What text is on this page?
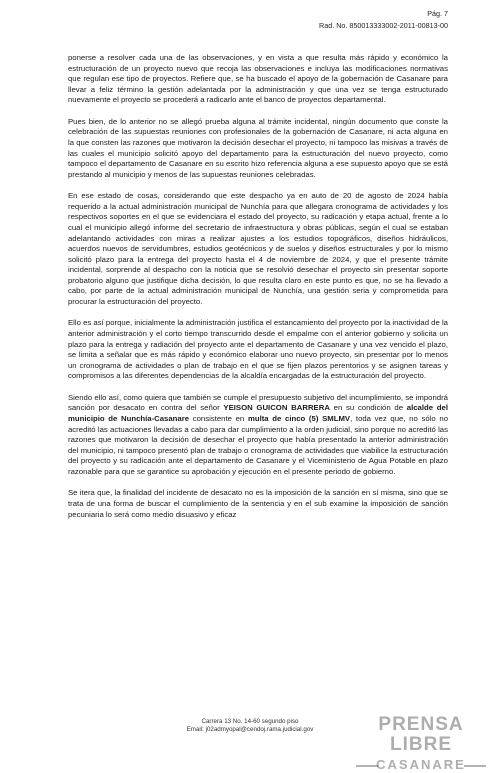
Pág. 7
Rad. No. 850013333002-2011-00813-00

ponerse a resolver cada una de las observaciones, y en vista a que resulta más rápido y económico la estructuración de un proyecto nuevo que recoja las observaciones e incluya las modificaciones normativas que regulan ese tipo de proyectos. Refiere que, se ha buscado el apoyo de la gobernación de Casanare para llevar a feliz término la gestión adelantada por la administración y que una vez se tenga estructurado nuevamente el proyecto se procederá a radicarlo ante el banco de proyectos departamental.

Pues bien, de lo anterior no se allegó prueba alguna al trámite incidental, ningún documento que conste la celebración de las supuestas reuniones con profesionales de la gobernación de Casanare, ni acta alguna en la que consten las razones que motivaron la decisión desechar el proyecto, ni tampoco las misivas a través de las cuales el municipio solicitó apoyo del departamento para la estructuración del nuevo proyecto, como tampoco el departamento de Casanare en su escrito hizo referencia alguna a ese supuesto apoyo que se está prestando al municipio y menos de las supuestas reuniones celebradas.

En ese estado de cosas, considerando que este despacho ya en auto de 20 de agosto de 2024 había requerido a la actual administración municipal de Nunchía para que allegara cronograma de actividades y los respectivos soportes en el que se evidenciara el estado del proyecto, su radicación y etapa actual, frente a lo cual el municipio allegó informe del secretario de infraestructura y obras públicas, según el cual se estaban adelantando actividades con miras a realizar ajustes a los estudios topográficos, diseños hidráulicos, acuerdos nuevos de servidumbres, estudios geotécnicos y de suelos y diseños estructurales y por lo mismo solicitó plazo para la entrega del proyecto hasta el 4 de noviembre de 2024, y que el presente trámite incidental, sorprende al despacho con la noticia que se resolvió desechar el proyecto sin presentar soporte probatorio alguno que justifique dicha decisión, lo que resulta claro en este punto es que, no se ha llevado a cabo, por parte de la actual administración municipal de Nunchía, una gestión seria y comprometida para procurar la estructuración del proyecto.

Ello es así porque, inicialmente la administración justifica el estancamiento del proyecto por la inactividad de la anterior administración y el corto tiempo transcurrido desde el empalme con el anterior gobierno y solicita un plazo para la entrega y radiación del proyecto ante el departamento de Casanare y una vez vencido el plazo, se limita a señalar que es más rápido y económico elaborar uno nuevo proyecto, sin presentar por lo menos un cronograma de actividades o plan de trabajo en el que se fijen plazos perentorios y se asignen tareas y compromisos a las diferentes dependencias de la alcaldía encargadas de la estructuración del proyecto.

Siendo ello así, como quiera que también se cumple el presupuesto subjetivo del incumplimiento, se impondrá sanción por desacato en contra del señor YEISON GUICON BARRERA en su condición de alcalde del municipio de Nunchía-Casanare consistente en multa de cinco (5) SMLMV, toda vez que, no sólo no acreditó las actuaciones llevadas a cabo para dar cumplimiento a la orden judicial, sino porque no acreditó las razones que motivaron la decisión de desechar el proyecto que había presentado la anterior administración del municipio, ni tampoco presentó plan de trabajo o cronograma de actividades que viabilice la estructuración del proyecto y su radicación ante el departamento de Casanare y el Viceministerio de Agua Potable en plazo razonable para que se garantice su aprobación y ejecución en el presente periodo de gobierno.

Se itera que, la finalidad del incidente de desacato no es la imposición de la sanción en sí misma, sino que se trata de una forma de buscar el cumplimiento de la sentencia y en el sub examine la imposición de sanción pecuniaria lo será como medio disuasivo y eficaz

Carrera 13 No. 14-60 segundo piso
Email: j02admyopal@cendoj.rama.judicial.gov	PRENSA LIBRE
CASANARE
